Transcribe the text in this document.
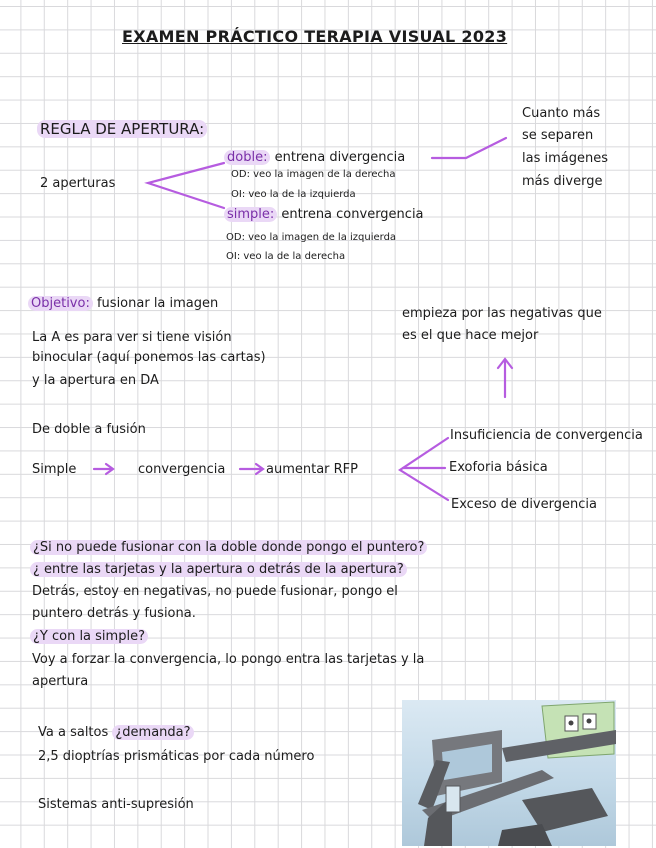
EXAMEN PRÁCTICO TERAPIA VISUAL 2023
REGLA DE APERTURA:
2 aperturas
doble: entrena divergencia
OD: veo la imagen de la derecha
OI: veo la de la izquierda
simple: entrena convergencia
OD: veo la imagen de la izquierda
OI: veo la de la derecha
Cuanto más
se separen
las imágenes
más diverge
Objetivo: fusionar la imagen
La A es para ver si tiene visión
binocular (aquí ponemos las cartas)
y la apertura en DA
empieza por las negativas que
es el que hace mejor
De doble a fusión
Simple	convergencia	aumentar RFP
Insuficiencia de convergencia
Exoforia básica
Exceso de divergencia
¿Si no puede fusionar con la doble donde pongo el puntero?
¿ entre las tarjetas y la apertura o detrás de la apertura?
Detrás, estoy en negativas, no puede fusionar, pongo el
puntero detrás y fusiona.
¿Y con la simple?
Voy a forzar la convergencia, lo pongo entra las tarjetas y la
apertura
Va a saltos ¿demanda?
2,5 dioptrías prismáticas por cada número
Sistemas anti-supresión
